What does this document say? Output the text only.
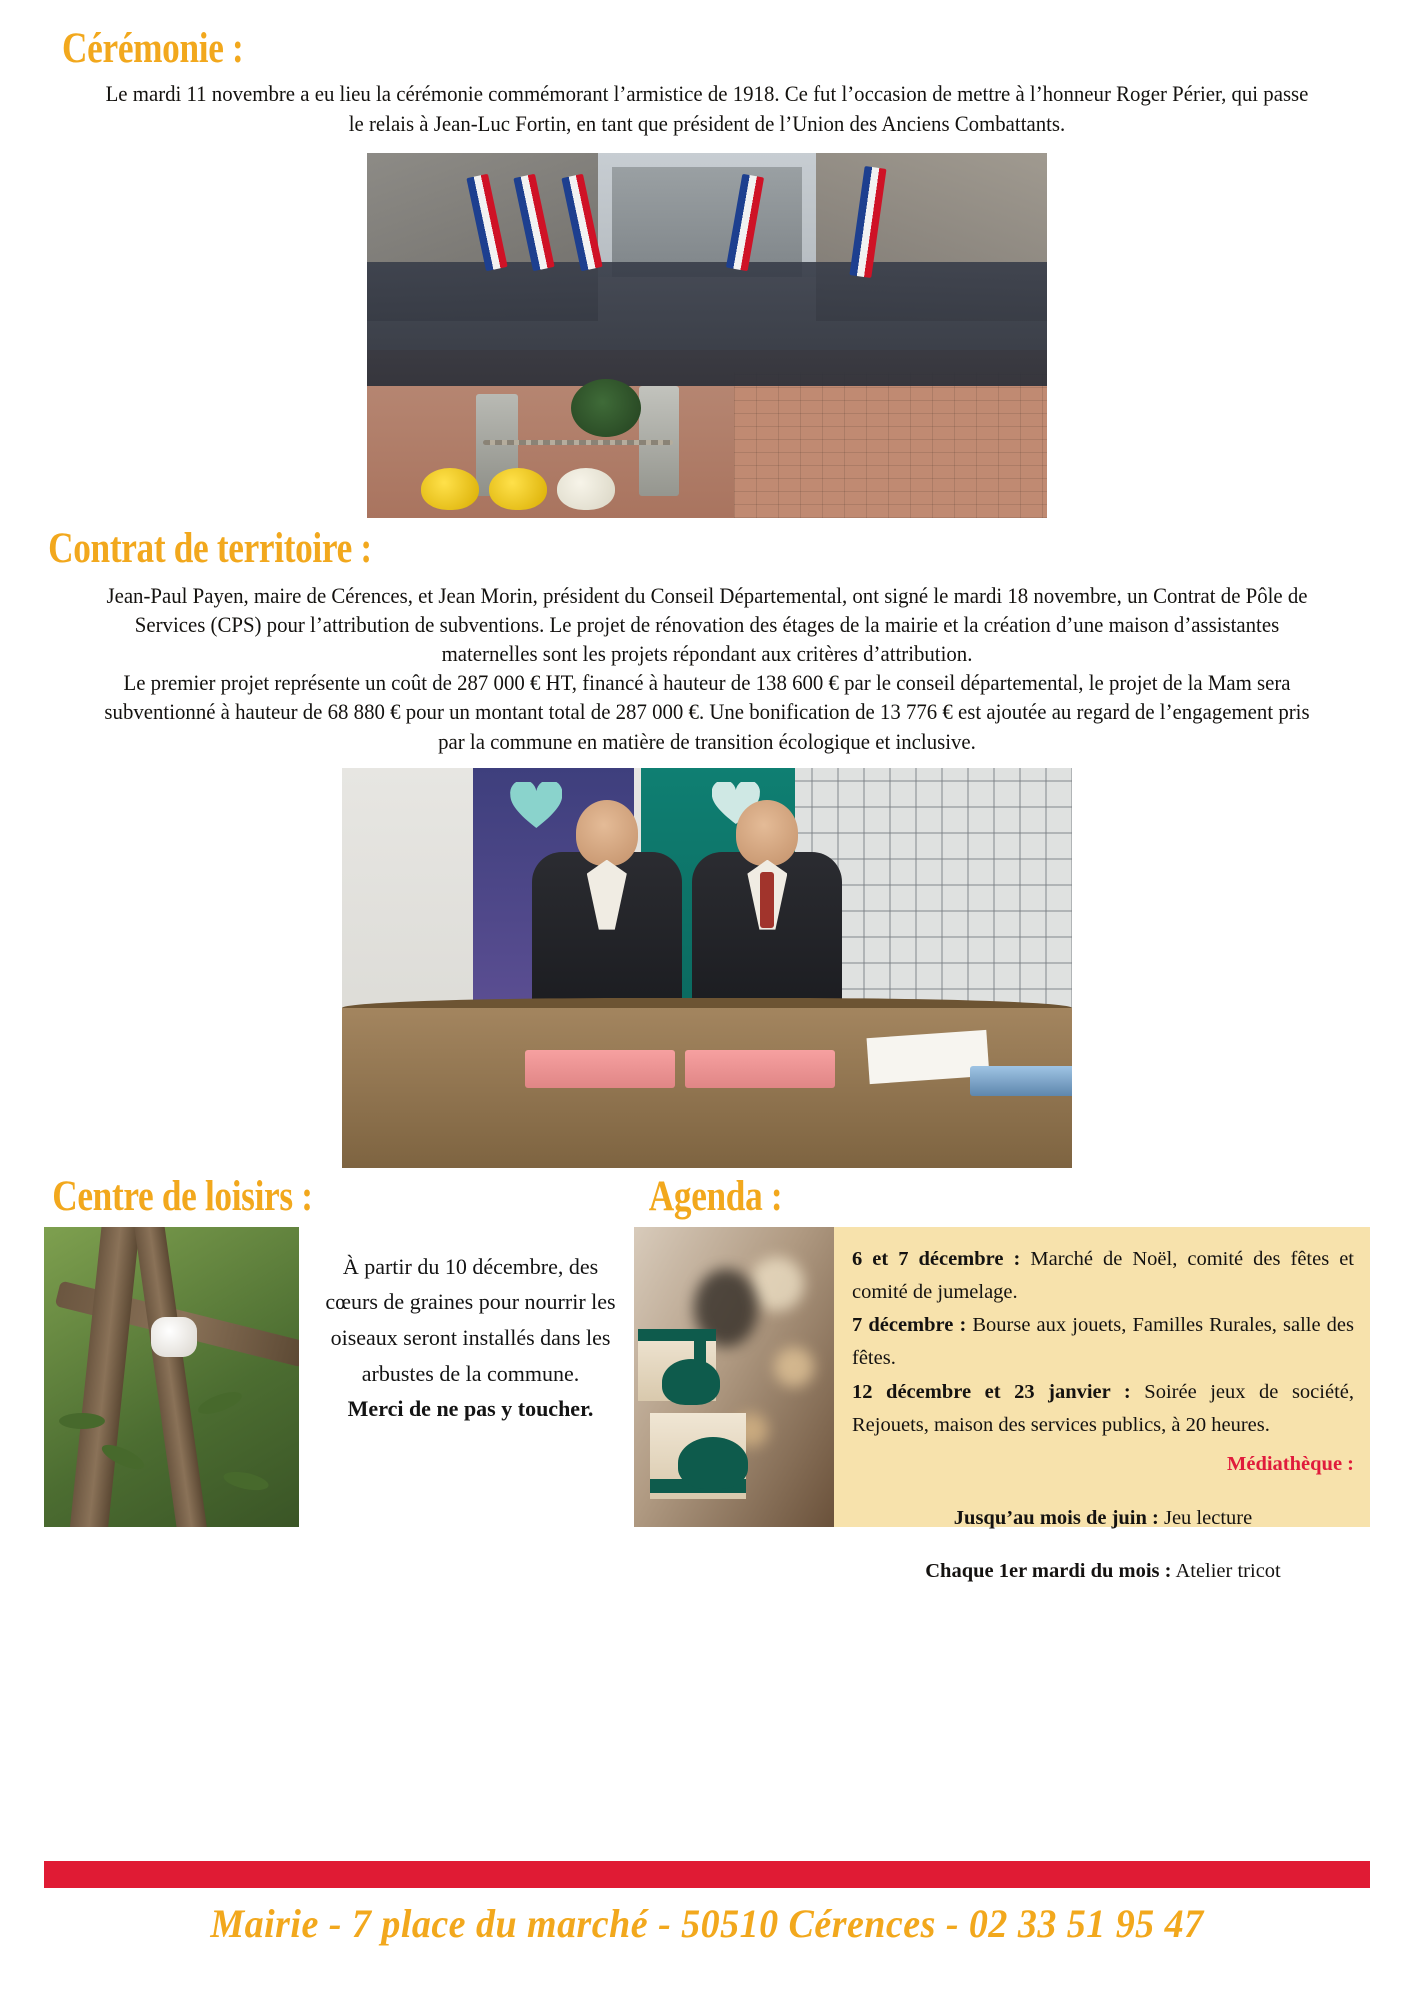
Cérémonie :

Le mardi 11 novembre a eu lieu la cérémonie commémorant l’armistice de 1918. Ce fut l’occasion de mettre à l’honneur Roger Périer, qui passe le relais à Jean-Luc Fortin, en tant que président de l’Union des Anciens Combattants.

Contrat de territoire :

Jean-Paul Payen, maire de Cérences, et Jean Morin, président du Conseil Départemental, ont signé le mardi 18 novembre, un Contrat de Pôle de Services (CPS) pour l’attribution de subventions. Le projet de rénovation des étages de la mairie et la création d’une maison d’assistantes maternelles sont les projets répondant aux critères d’attribution.

Le premier projet représente un coût de 287 000 € HT, financé à hauteur de 138 600 € par le conseil départemental, le projet de la Mam sera subventionné à hauteur de 68 880 € pour un montant total de 287 000 €. Une bonification de 13 776 € est ajoutée au regard de l’engagement pris par la commune en matière de transition écologique et inclusive.

Centre de loisirs :
À partir du 10 décembre, des cœurs de graines pour nourrir les oiseaux seront installés dans les arbustes de la commune.
Merci de ne pas y toucher.
Agenda :

6 et 7 décembre : Marché de Noël, comité des fêtes et comité de jumelage.

7 décembre : Bourse aux jouets, Familles Rurales, salle des fêtes.

12 décembre et 23 janvier : Soirée jeux de société, Rejouets, maison des services publics, à 20 heures.

Médiathèque :

Jusqu’au mois de juin : Jeu lecture

Chaque 1er mardi du mois : Atelier tricot

Mairie - 7 place du marché - 50510 Cérences - 02 33 51 95 47
